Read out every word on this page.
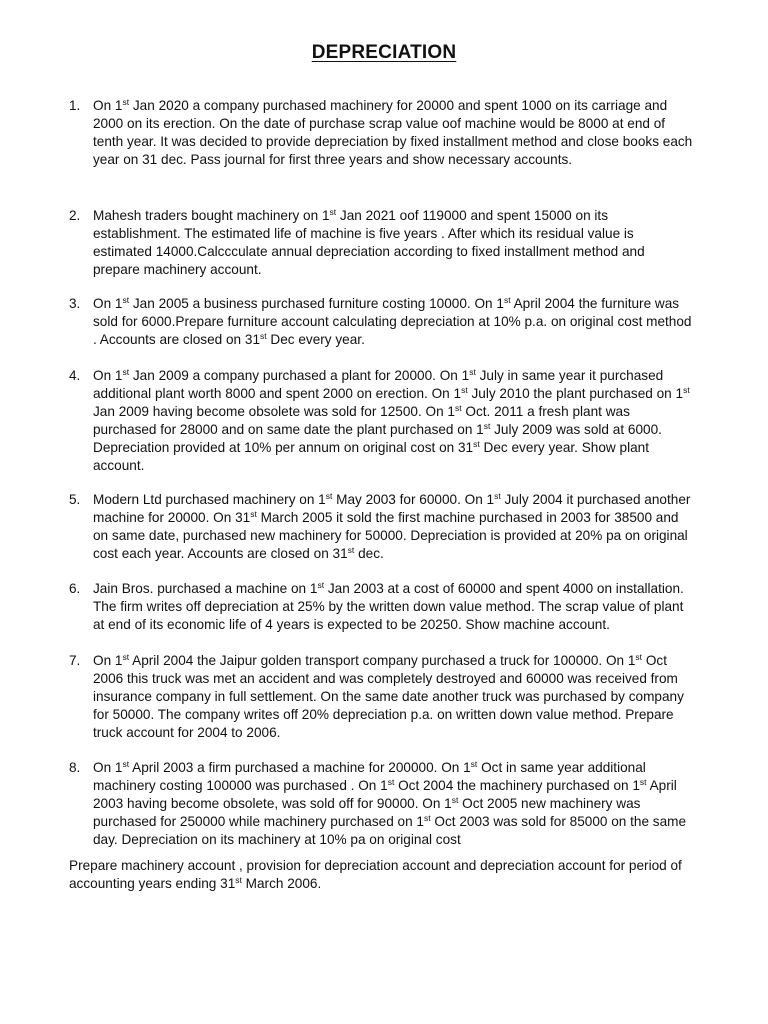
DEPRECIATION
1. On 1st Jan 2020 a company purchased machinery for 20000 and spent 1000 on its carriage and
2000 on its erection. On the date of purchase scrap value oof machine would be 8000 at end of
tenth year. It was decided to provide depreciation by fixed installment method and close books each
year on 31 dec. Pass journal for first three years and show necessary accounts.
2. Mahesh traders bought machinery on 1st Jan 2021 oof 119000 and spent 15000 on its
establishment. The estimated life of machine is five years . After which its residual value is
estimated 14000.Calccculate annual depreciation according to fixed installment method and
prepare machinery account.
3. On 1st Jan 2005 a business purchased furniture costing 10000. On 1st April 2004 the furniture was
sold for 6000.Prepare furniture account calculating depreciation at 10% p.a. on original cost method
. Accounts are closed on 31st Dec every year.
4. On 1st Jan 2009 a company purchased a plant for 20000. On 1st July in same year it purchased
additional plant worth 8000 and spent 2000 on erection. On 1st July 2010 the plant purchased on 1st
Jan 2009 having become obsolete was sold for 12500. On 1st Oct. 2011 a fresh plant was
purchased for 28000 and on same date the plant purchased on 1st July 2009 was sold at 6000.
Depreciation provided at 10% per annum on original cost on 31st Dec every year. Show plant
account.
5. Modern Ltd purchased machinery on 1st May 2003 for 60000. On 1st July 2004 it purchased another
machine for 20000. On 31st March 2005 it sold the first machine purchased in 2003 for 38500 and
on same date, purchased new machinery for 50000. Depreciation is provided at 20% pa on original
cost each year. Accounts are closed on 31st dec.
6. Jain Bros. purchased a machine on 1st Jan 2003 at a cost of 60000 and spent 4000 on installation.
The firm writes off depreciation at 25% by the written down value method. The scrap value of plant
at end of its economic life of 4 years is expected to be 20250. Show machine account.
7. On 1st April 2004 the Jaipur golden transport company purchased a truck for 100000. On 1st Oct
2006 this truck was met an accident and was completely destroyed and 60000 was received from
insurance company in full settlement. On the same date another truck was purchased by company
for 50000. The company writes off 20% depreciation p.a. on written down value method. Prepare
truck account for 2004 to 2006.
8. On 1st April 2003 a firm purchased a machine for 200000. On 1st Oct in same year additional
machinery costing 100000 was purchased . On 1st Oct 2004 the machinery purchased on 1st April
2003 having become obsolete, was sold off for 90000. On 1st Oct 2005 new machinery was
purchased for 250000 while machinery purchased on 1st Oct 2003 was sold for 85000 on the same
day. Depreciation on its machinery at 10% pa on original cost
Prepare machinery account , provision for depreciation account and depreciation account for period of
accounting years ending 31st March 2006.
